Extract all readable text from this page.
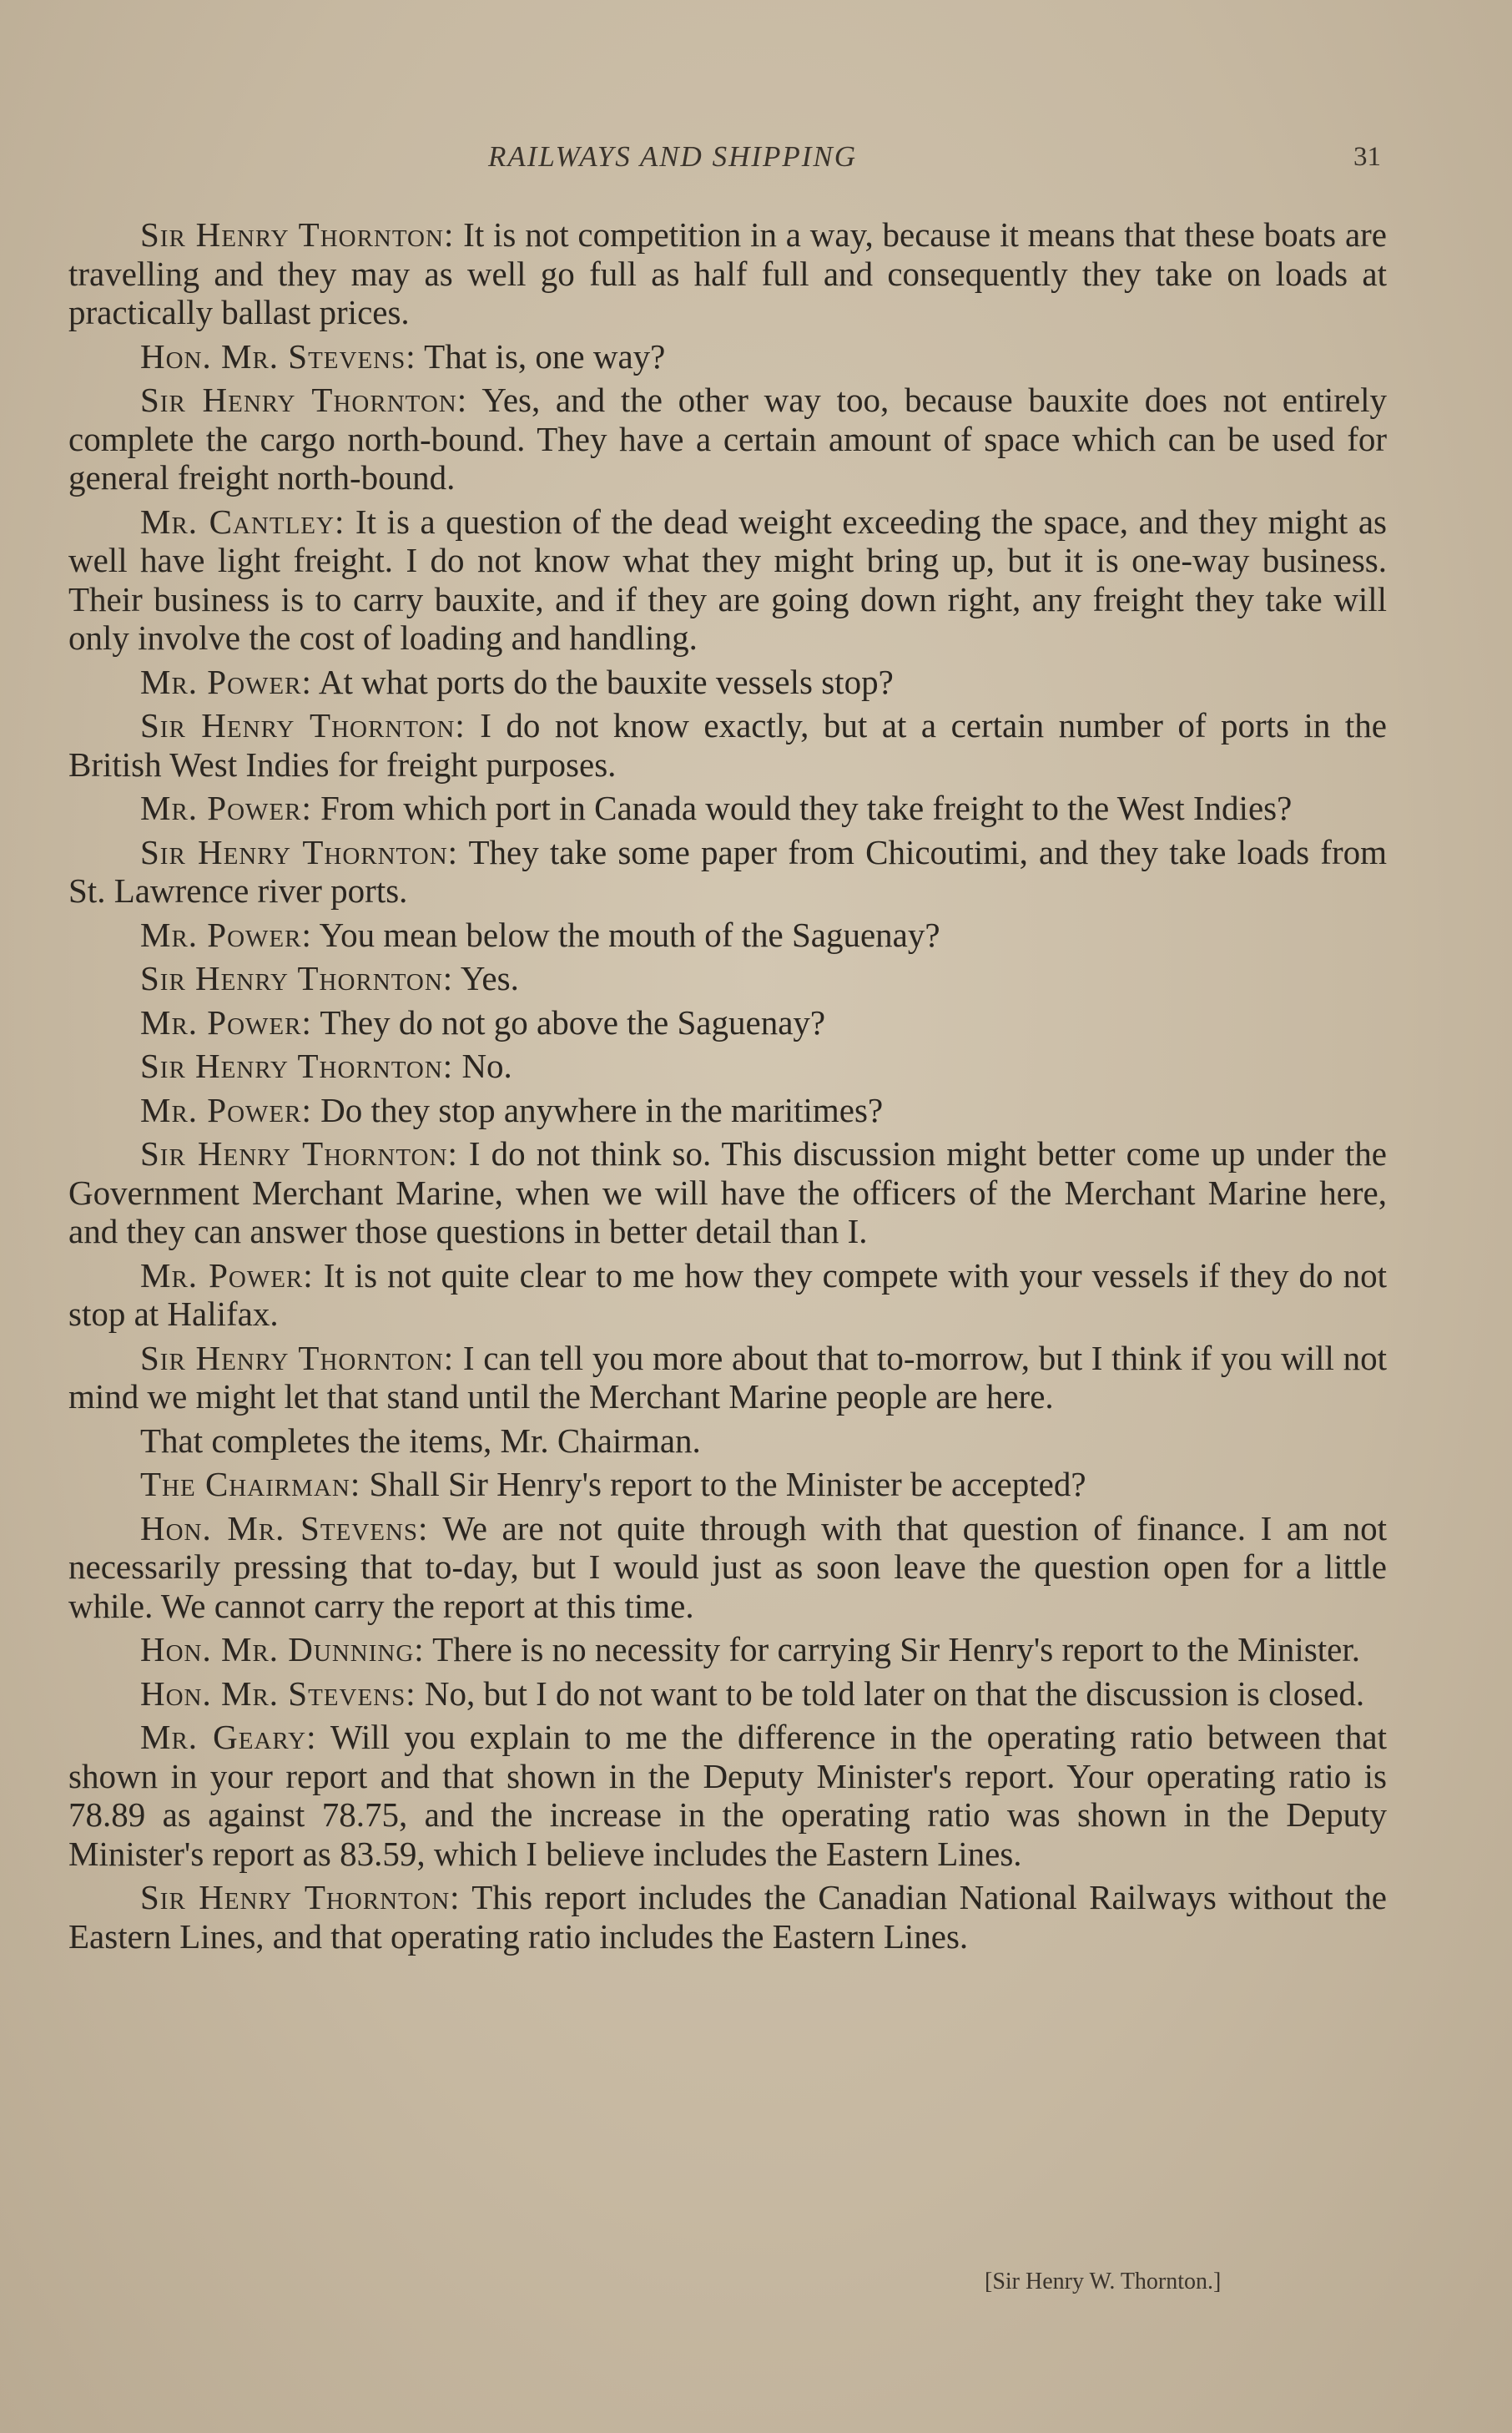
RAILWAYS AND SHIPPING	31

Sir Henry Thornton: It is not competition in a way, because it means that these boats are travelling and they may as well go full as half full and consequently they take on loads at practically ballast prices.

Hon. Mr. Stevens: That is, one way?

Sir Henry Thornton: Yes, and the other way too, because bauxite does not entirely complete the cargo north-bound. They have a certain amount of space which can be used for general freight north-bound.

Mr. Cantley: It is a question of the dead weight exceeding the space, and they might as well have light freight. I do not know what they might bring up, but it is one-way business. Their business is to carry bauxite, and if they are going down right, any freight they take will only involve the cost of loading and handling.

Mr. Power: At what ports do the bauxite vessels stop?

Sir Henry Thornton: I do not know exactly, but at a certain number of ports in the British West Indies for freight purposes.

Mr. Power: From which port in Canada would they take freight to the West Indies?

Sir Henry Thornton: They take some paper from Chicoutimi, and they take loads from St. Lawrence river ports.

Mr. Power: You mean below the mouth of the Saguenay?

Sir Henry Thornton: Yes.

Mr. Power: They do not go above the Saguenay?

Sir Henry Thornton: No.

Mr. Power: Do they stop anywhere in the maritimes?

Sir Henry Thornton: I do not think so. This discussion might better come up under the Government Merchant Marine, when we will have the officers of the Merchant Marine here, and they can answer those questions in better detail than I.

Mr. Power: It is not quite clear to me how they compete with your vessels if they do not stop at Halifax.

Sir Henry Thornton: I can tell you more about that to-morrow, but I think if you will not mind we might let that stand until the Merchant Marine people are here.

That completes the items, Mr. Chairman.

The Chairman: Shall Sir Henry's report to the Minister be accepted?

Hon. Mr. Stevens: We are not quite through with that question of finance. I am not necessarily pressing that to-day, but I would just as soon leave the question open for a little while. We cannot carry the report at this time.

Hon. Mr. Dunning: There is no necessity for carrying Sir Henry's report to the Minister.

Hon. Mr. Stevens: No, but I do not want to be told later on that the discussion is closed.

Mr. Geary: Will you explain to me the difference in the operating ratio between that shown in your report and that shown in the Deputy Minister's report. Your operating ratio is 78.89 as against 78.75, and the increase in the operating ratio was shown in the Deputy Minister's report as 83.59, which I believe includes the Eastern Lines.

Sir Henry Thornton: This report includes the Canadian National Railways without the Eastern Lines, and that operating ratio includes the Eastern Lines.

[Sir Henry W. Thornton.]
